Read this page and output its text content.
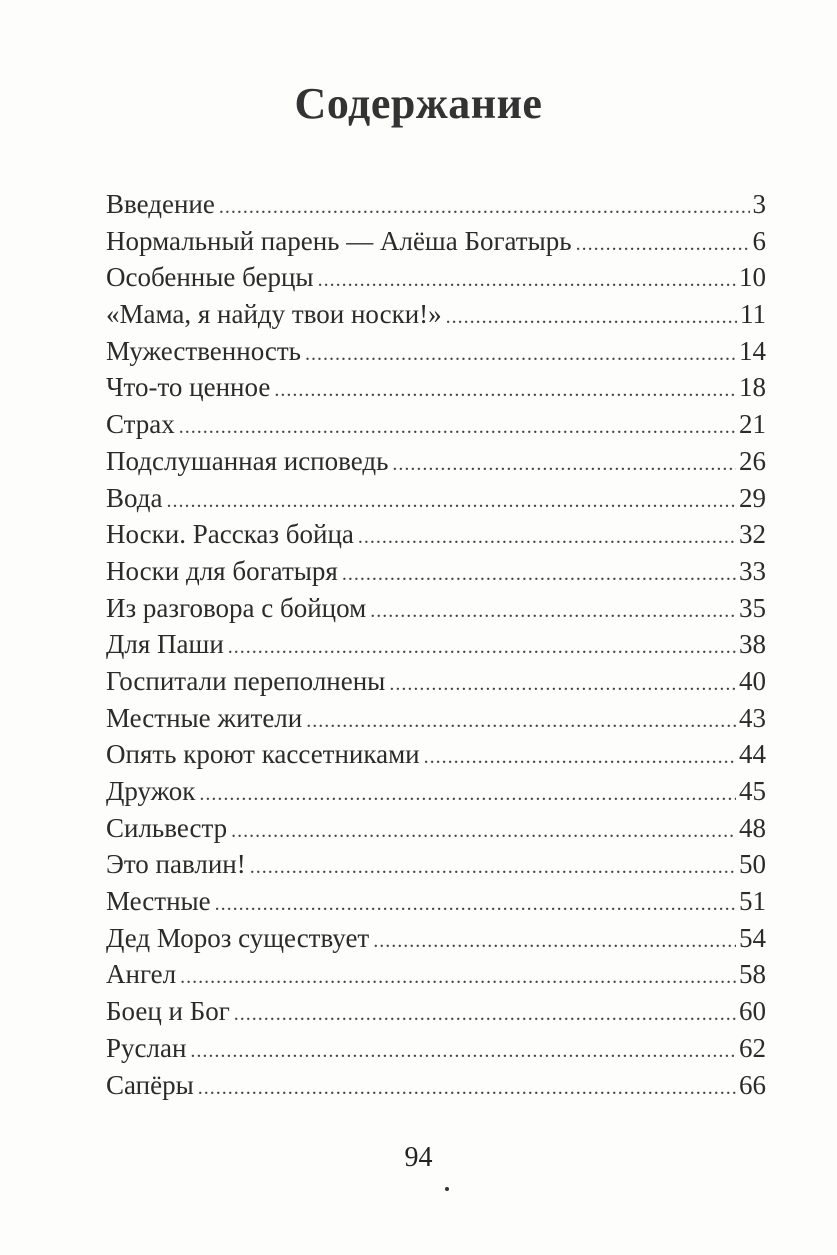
Содержание
Введение .....	3
Нормальный парень — Алёша Богатырь .....	6
Особенные берцы .....	10
«Мама, я найду твои носки!» .....	11
Мужественность .....	14
Что-то ценное .....	18
Страх .....	21
Подслушанная исповедь .....	26
Вода .....	29
Носки. Рассказ бойца .....	32
Носки для богатыря .....	33
Из разговора с бойцом .....	35
Для Паши .....	38
Госпитали переполнены .....	40
Местные жители .....	43
Опять кроют кассетниками .....	44
Дружок .....	45
Сильвестр .....	48
Это павлин! .....	50
Местные .....	51
Дед Мороз существует .....	54
Ангел .....	58
Боец и Бог .....	60
Руслан .....	62
Сапёры .....	66
94
